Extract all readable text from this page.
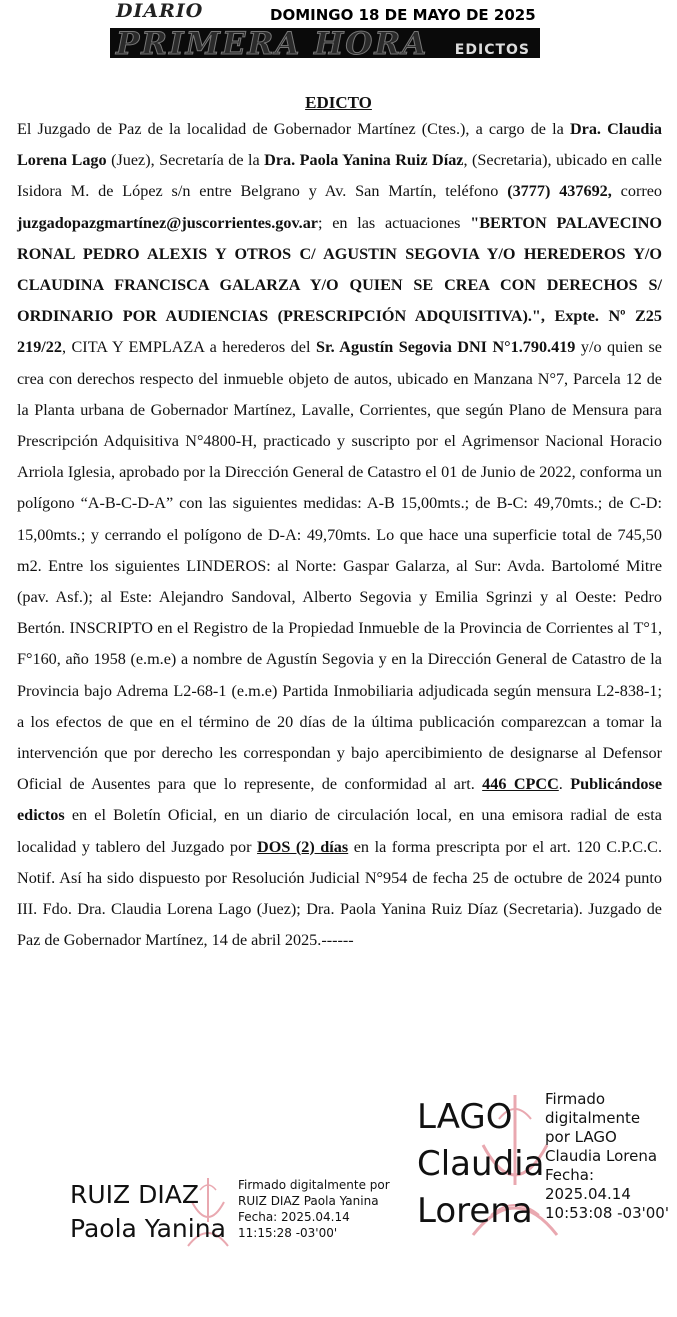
DIARIO
PRIMERA HORA
DOMINGO 18 DE MAYO DE 2025
EDICTOS
EDICTO
El Juzgado de Paz de la localidad de Gobernador Martínez (Ctes.), a cargo de la Dra. Claudia Lorena Lago (Juez), Secretaría de la Dra. Paola Yanina Ruiz Díaz, (Secretaria), ubicado en calle Isidora M. de López s/n entre Belgrano y Av. San Martín, teléfono (3777) 437692, correo juzgadopazgmartínez@juscorrientes.gov.ar; en las actuaciones "BERTON PALAVECINO RONAL PEDRO ALEXIS Y OTROS C/ AGUSTIN SEGOVIA Y/O HEREDEROS Y/O CLAUDINA FRANCISCA GALARZA Y/O QUIEN SE CREA CON DERECHOS S/ ORDINARIO POR AUDIENCIAS (PRESCRIPCIÓN ADQUISITIVA).", Expte. Nº Z25 219/22, CITA Y EMPLAZA a herederos del Sr. Agustín Segovia DNI N°1.790.419 y/o quien se crea con derechos respecto del inmueble objeto de autos, ubicado en Manzana N°7, Parcela 12 de la Planta urbana de Gobernador Martínez, Lavalle, Corrientes, que según Plano de Mensura para Prescripción Adquisitiva N°4800-H, practicado y suscripto por el Agrimensor Nacional Horacio Arriola Iglesia, aprobado por la Dirección General de Catastro el 01 de Junio de 2022, conforma un polígono “A-B-C-D-A” con las siguientes medidas: A-B 15,00mts.; de B-C: 49,70mts.; de C-D: 15,00mts.; y cerrando el polígono de D-A: 49,70mts. Lo que hace una superficie total de 745,50 m2. Entre los siguientes LINDEROS: al Norte: Gaspar Galarza, al Sur: Avda. Bartolomé Mitre (pav. Asf.); al Este: Alejandro Sandoval, Alberto Segovia y Emilia Sgrinzi y al Oeste: Pedro Bertón. INSCRIPTO en el Registro de la Propiedad Inmueble de la Provincia de Corrientes al T°1, F°160, año 1958 (e.m.e) a nombre de Agustín Segovia y en la Dirección General de Catastro de la Provincia bajo Adrema L2-68-1 (e.m.e) Partida Inmobiliaria adjudicada según mensura L2-838-1; a los efectos de que en el término de 20 días de la última publicación comparezcan a tomar la intervención que por derecho les correspondan y bajo apercibimiento de designarse al Defensor Oficial de Ausentes para que lo represente, de conformidad al art. 446 CPCC. Publicándose edictos en el Boletín Oficial, en un diario de circulación local, en una emisora radial de esta localidad y tablero del Juzgado por DOS (2) días en la forma prescripta por el art. 120 C.P.C.C. Notif. Así ha sido dispuesto por Resolución Judicial N°954 de fecha 25 de octubre de 2024 punto III. Fdo. Dra. Claudia Lorena Lago (Juez); Dra. Paola Yanina Ruiz Díaz (Secretaria). Juzgado de Paz de Gobernador Martínez, 14 de abril 2025.------
RUIZ DIAZ
Paola Yanina
Firmado digitalmente por
RUIZ DIAZ Paola Yanina
Fecha: 2025.04.14
11:15:28 -03'00'
LAGO
Claudia
Lorena
Firmado
digitalmente
por LAGO
Claudia Lorena
Fecha:
2025.04.14
10:53:08 -03'00'
